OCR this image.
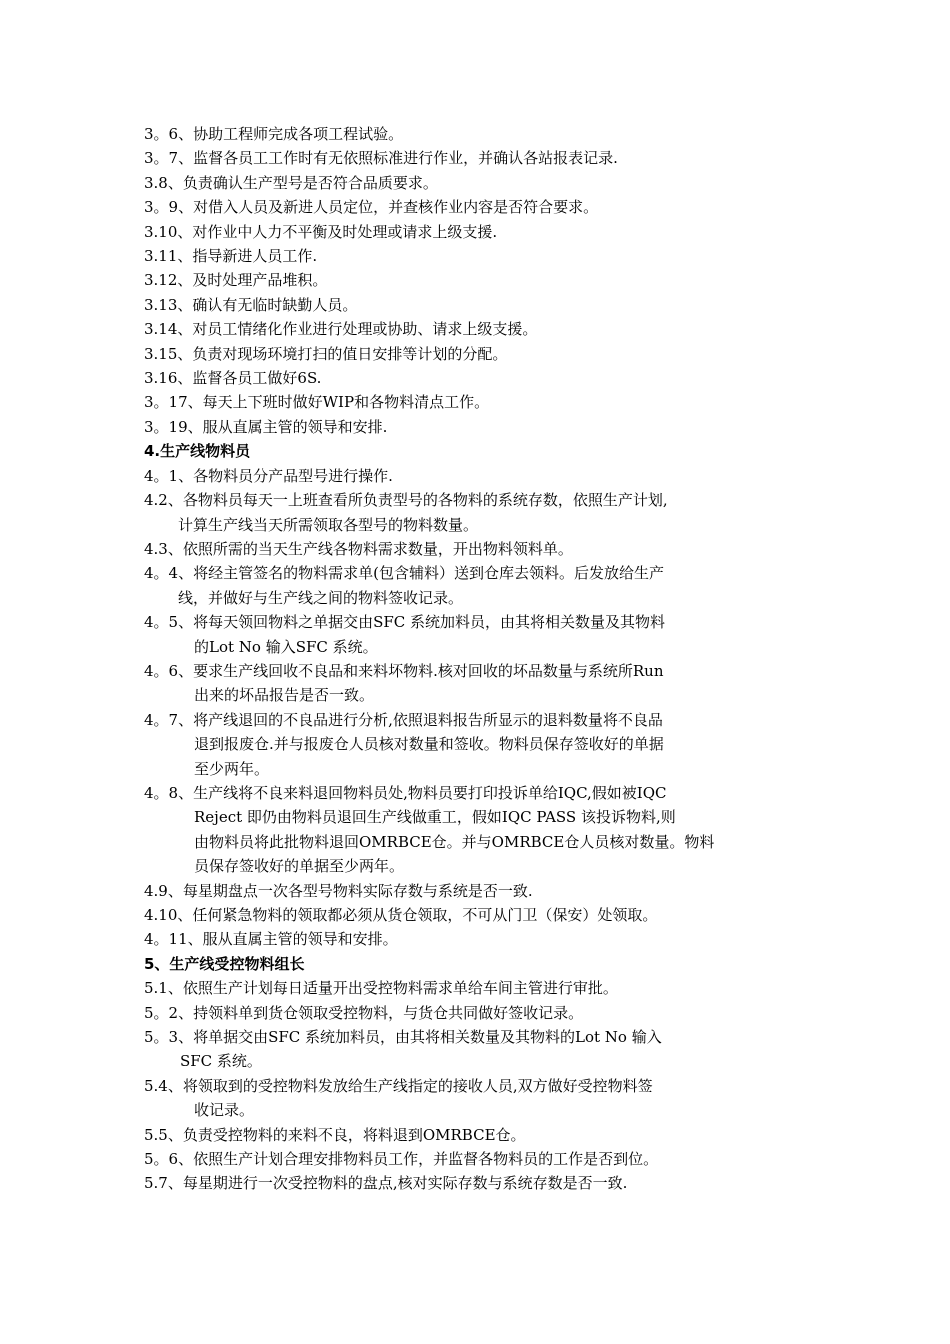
3。6、协助工程师完成各项工程试验。
3。7、监督各员工工作时有无依照标准进行作业，并确认各站报表记录.
3.8、负责确认生产型号是否符合品质要求。
3。9、对借入人员及新进人员定位，并查核作业内容是否符合要求。
3.10、对作业中人力不平衡及时处理或请求上级支援.
3.11、指导新进人员工作.
3.12、及时处理产品堆积。
3.13、确认有无临时缺勤人员。
3.14、对员工情绪化作业进行处理或协助、请求上级支援。
3.15、负责对现场环境打扫的值日安排等计划的分配。
3.16、监督各员工做好6S.
3。17、每天上下班时做好WIP和各物料清点工作。
3。19、服从直属主管的领导和安排.
4.生产线物料员
4。1、各物料员分产品型号进行操作.
4.2、各物料员每天一上班查看所负责型号的各物料的系统存数，依照生产计划,
计算生产线当天所需领取各型号的物料数量。
4.3、依照所需的当天生产线各物料需求数量，开出物料领料单。
4。4、将经主管签名的物料需求单(包含辅料）送到仓库去领料。后发放给生产
线，并做好与生产线之间的物料签收记录。
4。5、将每天领回物料之单据交由SFC 系统加料员，由其将相关数量及其物料
的Lot No 输入SFC 系统。
4。6、要求生产线回收不良品和来料坏物料.核对回收的坏品数量与系统所Run
出来的坏品报告是否一致。
4。7、将产线退回的不良品进行分析,依照退料报告所显示的退料数量将不良品
退到报废仓.并与报废仓人员核对数量和签收。物料员保存签收好的单据
至少两年。
4。8、生产线将不良来料退回物料员处,物料员要打印投诉单给IQC,假如被IQC
Reject 即仍由物料员退回生产线做重工，假如IQC PASS 该投诉物料,则
由物料员将此批物料退回OMRBCE仓。并与OMRBCE仓人员核对数量。物料
员保存签收好的单据至少两年。
4.9、每星期盘点一次各型号物料实际存数与系统是否一致.
4.10、任何紧急物料的领取都必须从货仓领取，不可从门卫（保安）处领取。
4。11、服从直属主管的领导和安排。
5、生产线受控物料组长
5.1、依照生产计划每日适量开出受控物料需求单给车间主管进行审批。
5。2、持领料单到货仓领取受控物料，与货仓共同做好签收记录。
5。3、将单据交由SFC 系统加料员，由其将相关数量及其物料的Lot No 输入
SFC 系统。
5.4、将领取到的受控物料发放给生产线指定的接收人员,双方做好受控物料签
收记录。
5.5、负责受控物料的来料不良，将料退到OMRBCE仓。
5。6、依照生产计划合理安排物料员工作，并监督各物料员的工作是否到位。
5.7、每星期进行一次受控物料的盘点,核对实际存数与系统存数是否一致.
